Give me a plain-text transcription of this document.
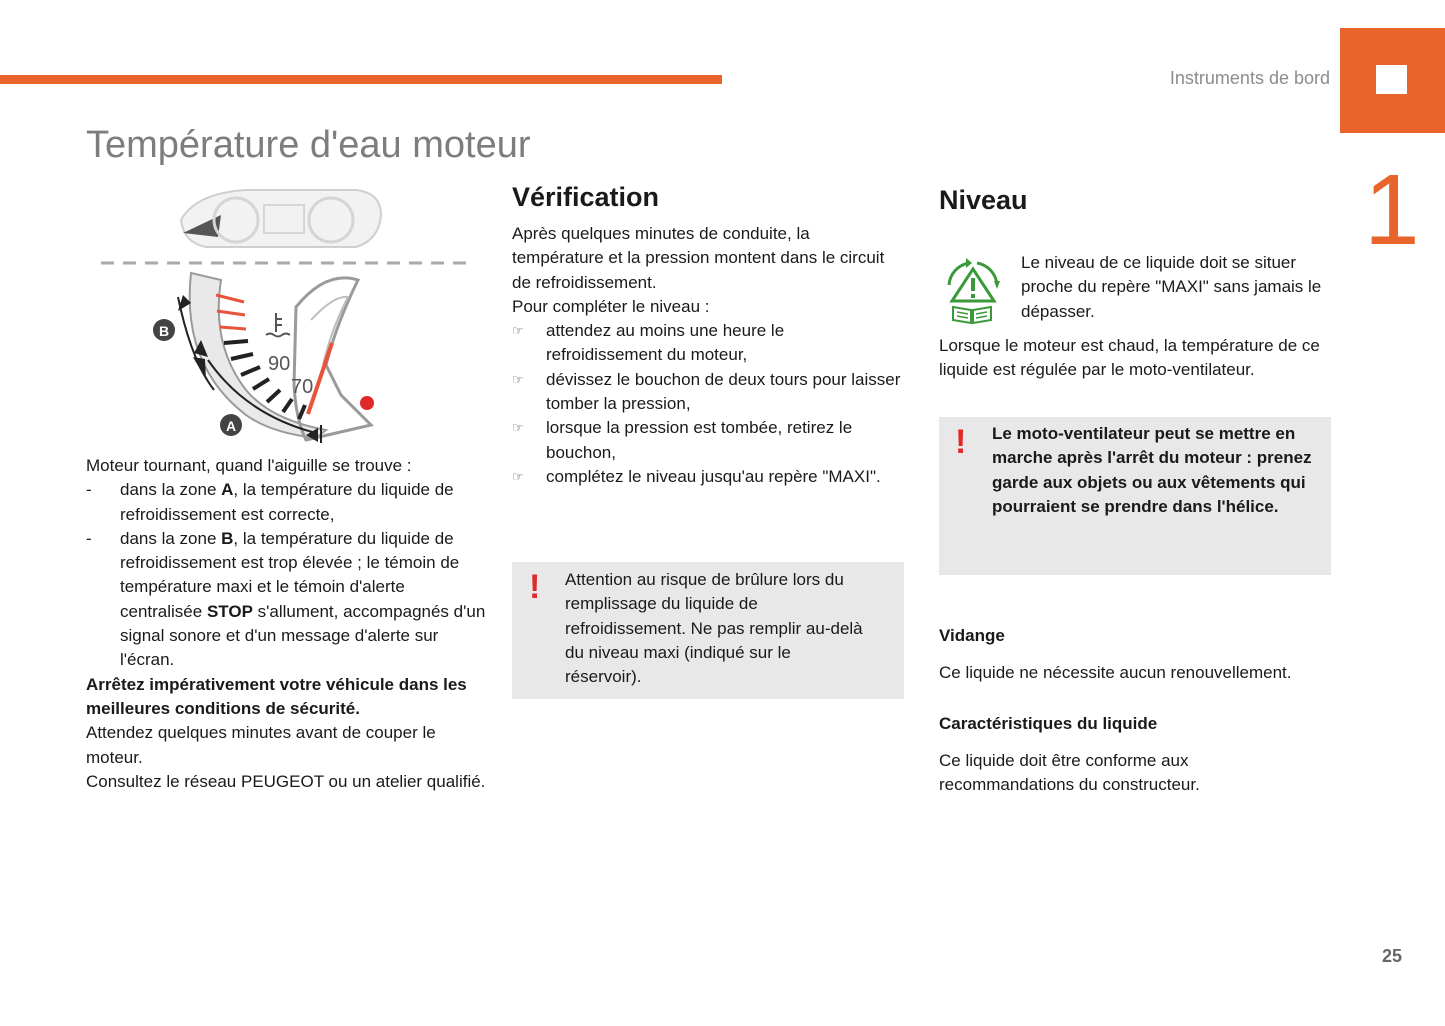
Instruments de bord
1
Température d'eau moteur
90
70
B
A

Moteur tournant, quand l'aiguille se trouve :

- dans la zone A, la température du liquide de refroidissement est correcte,

- dans la zone B, la température du liquide de refroidissement est trop élevée ; le témoin de température maxi et le témoin d'alerte centralisée STOP s'allument, accompagnés d'un signal sonore et d'un message d'alerte sur l'écran.

Arrêtez impérativement votre véhicule dans les meilleures conditions de sécurité.

Attendez quelques minutes avant de couper le moteur.

Consultez le réseau PEUGEOT ou un atelier qualifié.

Vérification

Après quelques minutes de conduite, la température et la pression montent dans le circuit de refroidissement.

Pour compléter le niveau :

☞ attendez au moins une heure le refroidissement du moteur,

☞ dévissez le bouchon de deux tours pour laisser tomber la pression,

☞ lorsque la pression est tombée, retirez le bouchon,

☞ complétez le niveau jusqu'au repère "MAXI".

! Attention au risque de brûlure lors du remplissage du liquide de refroidissement. Ne pas remplir au-delà du niveau maxi (indiqué sur le réservoir).

Niveau

Le niveau de ce liquide doit se situer proche du repère "MAXI" sans jamais le dépasser.

Lorsque le moteur est chaud, la température de ce liquide est régulée par le moto-ventilateur.

! Le moto-ventilateur peut se mettre en marche après l'arrêt du moteur : prenez garde aux objets ou aux vêtements qui pourraient se prendre dans l'hélice.

Vidange

Ce liquide ne nécessite aucun renouvellement.

Caractéristiques du liquide

Ce liquide doit être conforme aux recommandations du constructeur.

25
